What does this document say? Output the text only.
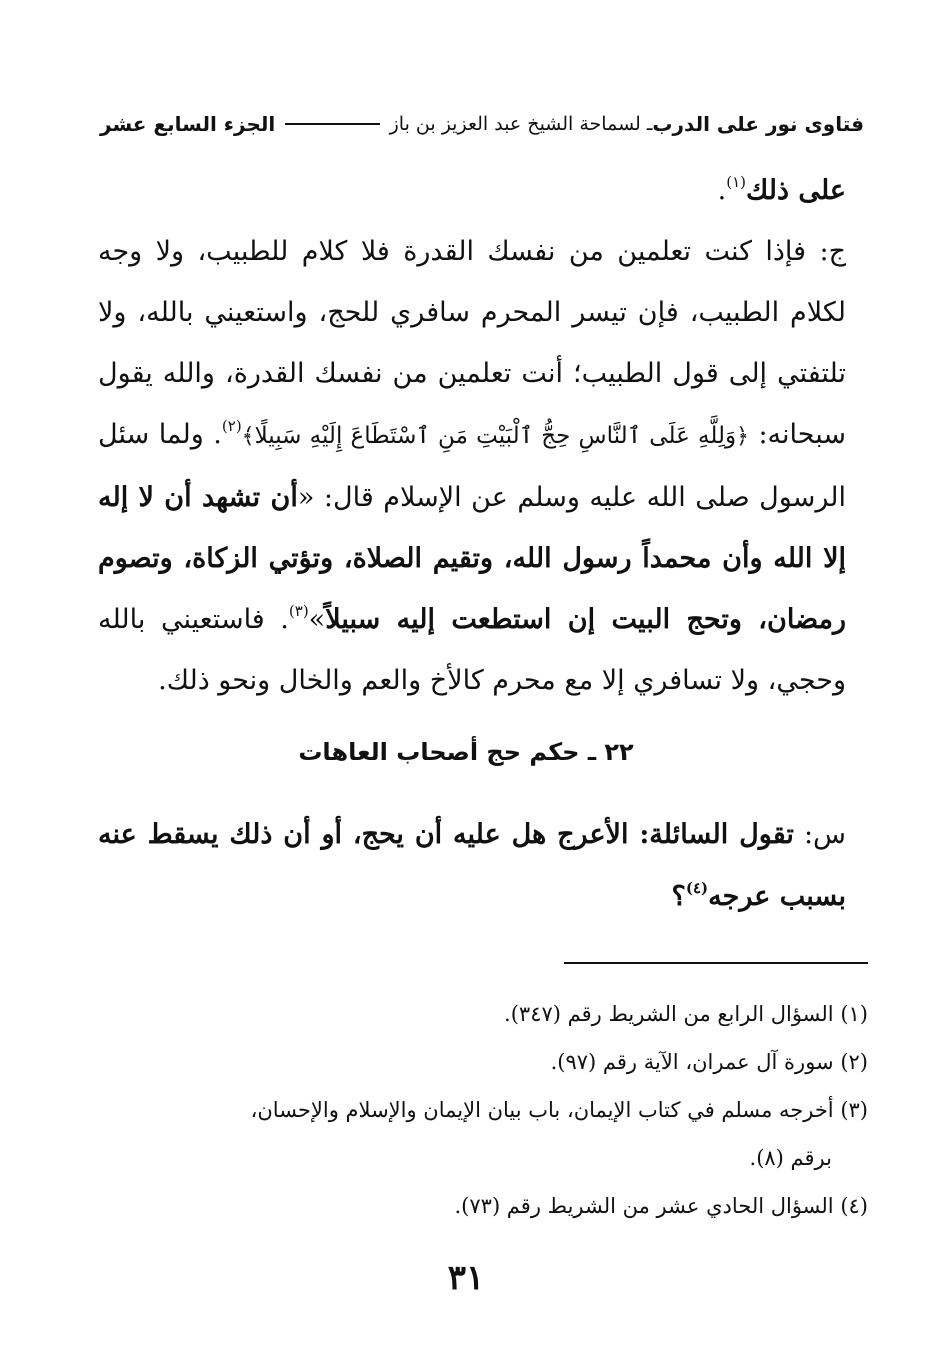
فتاوى نور على الدرب
ـ لسماحة الشيخ عبد العزيز بن باز
الجزء السابع عشر

على ذلك$^{(١)}$.

ج: فإذا كنت تعلمين من نفسك القدرة فلا كلام للطبيب، ولا وجه لكلام الطبيب، فإن تيسر المحرم سافري للحج، واستعيني بالله، ولا تلتفتي إلى قول الطبيب؛ أنت تعلمين من نفسك القدرة، والله يقول سبحانه: ﴿وَلِلَّهِ عَلَى ٱلنَّاسِ حِجُّ ٱلْبَيْتِ مَنِ ٱسْتَطَاعَ إِلَيْهِ سَبِيلًا﴾$^{(٢)}$. ولما سئل الرسول صلى الله عليه وسلم عن الإسلام قال: «أن تشهد أن لا إله إلا الله وأن محمداً رسول الله، وتقيم الصلاة، وتؤتي الزكاة، وتصوم رمضان، وتحج البيت إن استطعت إليه سبيلاً»$^{(٣)}$. فاستعيني بالله وحجي، ولا تسافري إلا مع محرم كالأخ والعم والخال ونحو ذلك.

٢٢ ـ حكم حج أصحاب العاهات

س: تقول السائلة: الأعرج هل عليه أن يحج، أو أن ذلك يسقط عنه بسبب عرجه$^{(٤)}$؟

(١) السؤال الرابع من الشريط رقم (٣٤٧).

(٢) سورة آل عمران، الآية رقم (٩٧).

(٣) أخرجه مسلم في كتاب الإيمان، باب بيان الإيمان والإسلام والإحسان،

برقم (٨).

(٤) السؤال الحادي عشر من الشريط رقم (٧٣).

٣١
